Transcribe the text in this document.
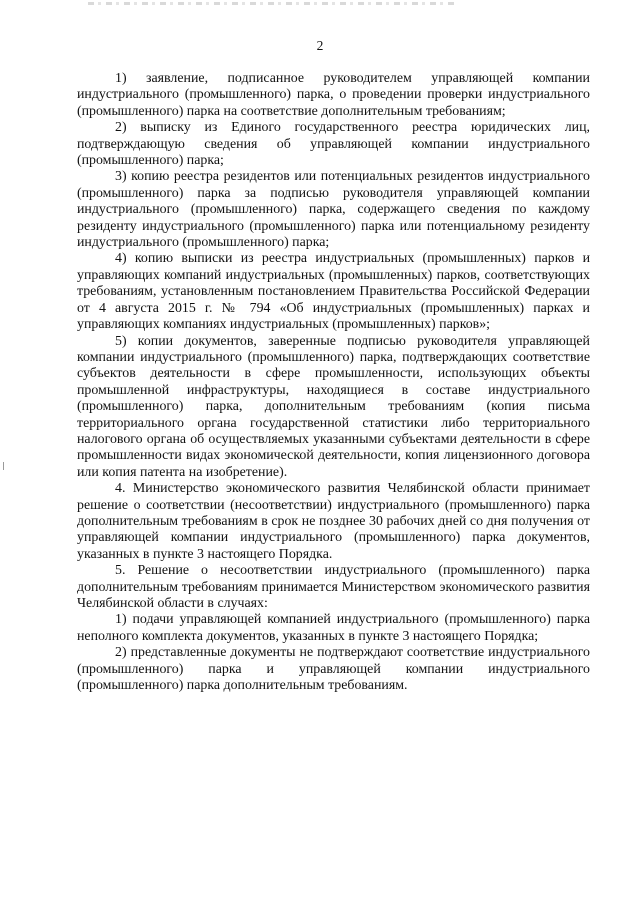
2

1) заявление, подписанное руководителем управляющей компании индустриального (промышленного) парка, о проведении проверки индустриального (промышленного) парка на соответствие дополнительным требованиям;

2) выписку из Единого государственного реестра юридических лиц, подтверждающую сведения об управляющей компании индустриального (промышленного) парка;

3) копию реестра резидентов или потенциальных резидентов индустриального (промышленного) парка за подписью руководителя управляющей компании индустриального (промышленного) парка, содержащего сведения по каждому резиденту индустриального (промышленного) парка или потенциальному резиденту индустриального (промышленного) парка;

4) копию выписки из реестра индустриальных (промышленных) парков и управляющих компаний индустриальных (промышленных) парков, соответствующих требованиям, установленным постановлением Правительства Российской Федерации от 4 августа 2015 г. № 794 «Об индустриальных (промышленных) парках и управляющих компаниях индустриальных (промышленных) парков»;

5) копии документов, заверенные подписью руководителя управляющей компании индустриального (промышленного) парка, подтверждающих соответствие субъектов деятельности в сфере промышленности, использующих объекты промышленной инфраструктуры, находящиеся в составе индустриального (промышленного) парка, дополнительным требованиям (копия письма территориального органа государственной статистики либо территориального налогового органа об осуществляемых указанными субъектами деятельности в сфере промышленности видах экономической деятельности, копия лицензионного договора или копия патента на изобретение).

4. Министерство экономического развития Челябинской области принимает решение о соответствии (несоответствии) индустриального (промышленного) парка дополнительным требованиям в срок не позднее 30 рабочих дней со дня получения от управляющей компании индустриального (промышленного) парка документов, указанных в пункте 3 настоящего Порядка.

5. Решение о несоответствии индустриального (промышленного) парка дополнительным требованиям принимается Министерством экономического развития Челябинской области в случаях:

1) подачи управляющей компанией индустриального (промышленного) парка неполного комплекта документов, указанных в пункте 3 настоящего Порядка;

2) представленные документы не подтверждают соответствие индустриального (промышленного) парка и управляющей компании индустриального (промышленного) парка дополнительным требованиям.
